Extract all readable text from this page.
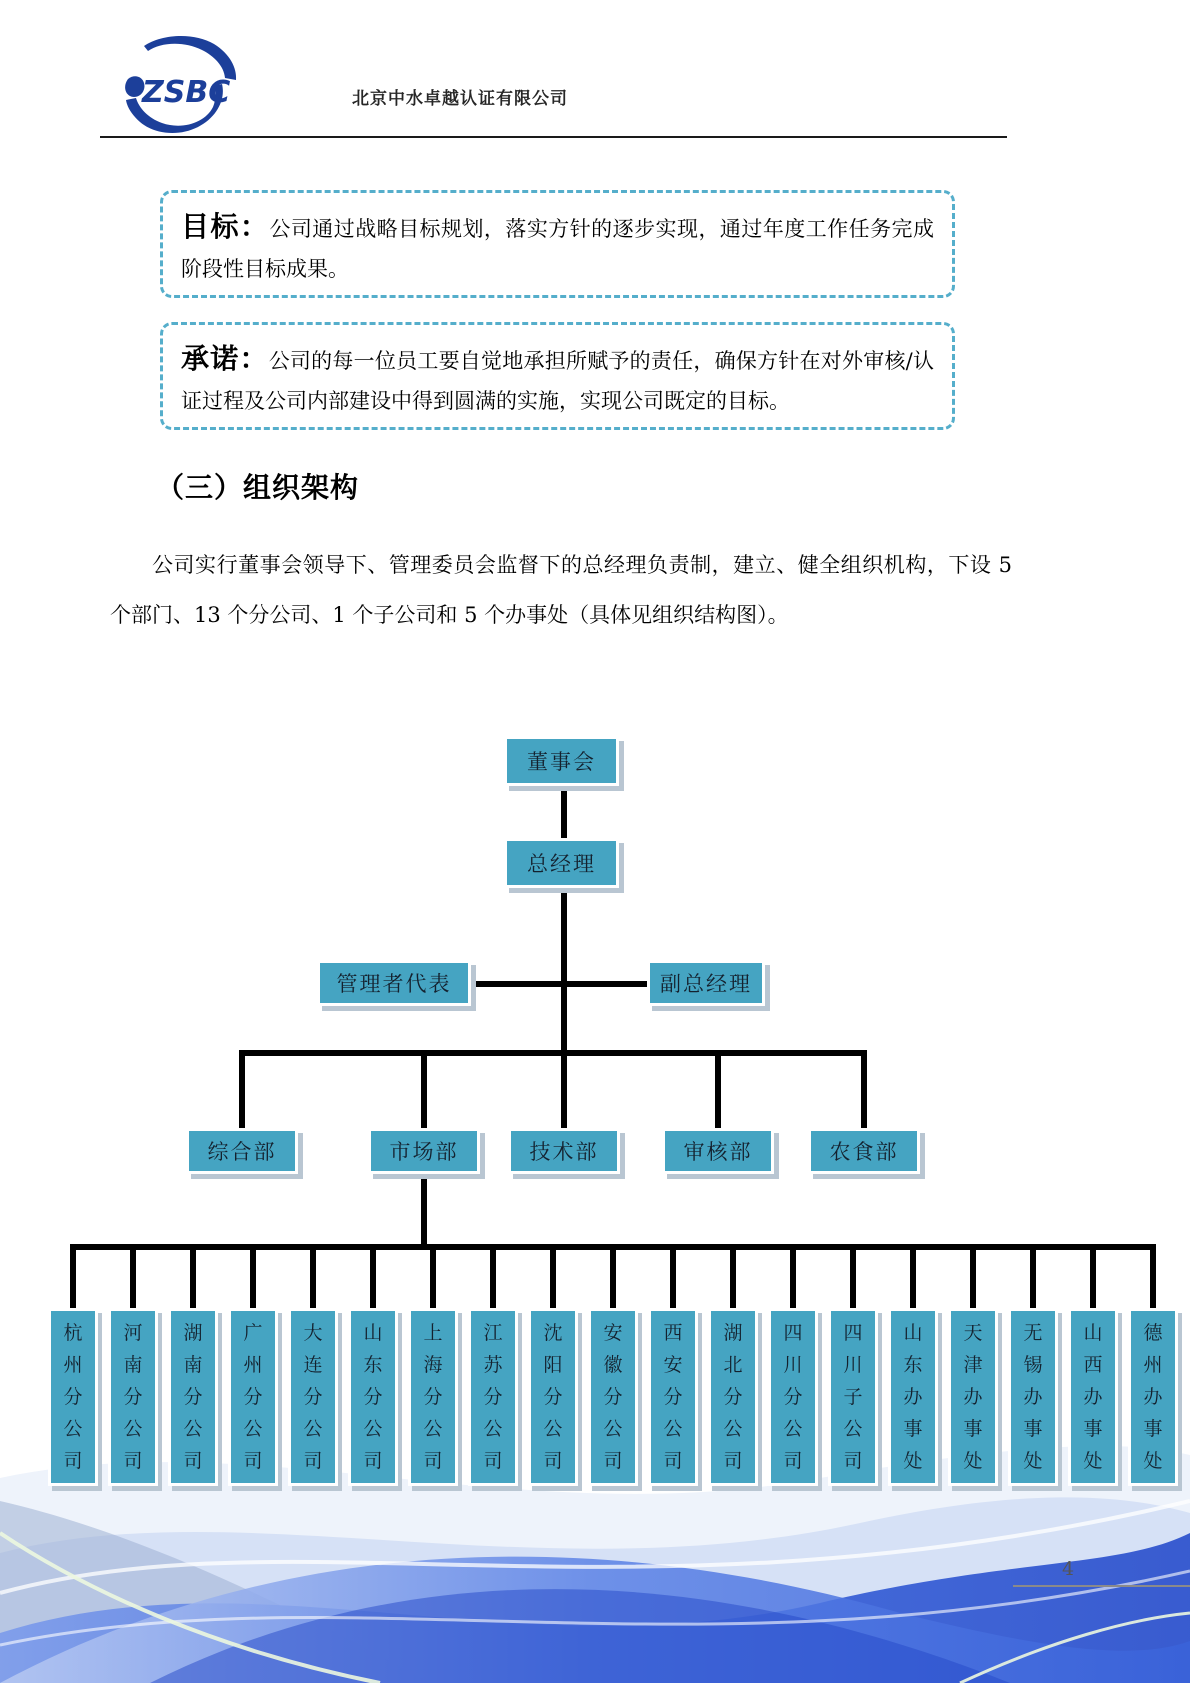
ZSBC	北京中水卓越认证有限公司

目标：公司通过战略目标规划，落实方针的逐步实现，通过年度工作任务完成阶段性目标成果。

承诺：公司的每一位员工要自觉地承担所赋予的责任，确保方针在对外审核/认证过程及公司内部建设中得到圆满的实施，实现公司既定的目标。

（三）组织架构

公司实行董事会领导下、管理委员会监督下的总经理负责制，建立、健全组织机构，下设 5 个部门、13 个分公司、1 个子公司和 5 个办事处（具体见组织结构图）。

董事会
总经理
管理者代表	副总经理
综合部	市场部	技术部	审核部	农食部
杭
州
分
公
司
河
南
分
公
司
湖
南
分
公
司
广
州
分
公
司
大
连
分
公
司
山
东
分
公
司
上
海
分
公
司
江
苏
分
公
司
沈
阳
分
公
司
安
徽
分
公
司
西
安
分
公
司
湖
北
分
公
司
四
川
分
公
司
四
川
子
公
司
山
东
办
事
处
天
津
办
事
处
无
锡
办
事
处
山
西
办
事
处
德
州
办
事
处
4
